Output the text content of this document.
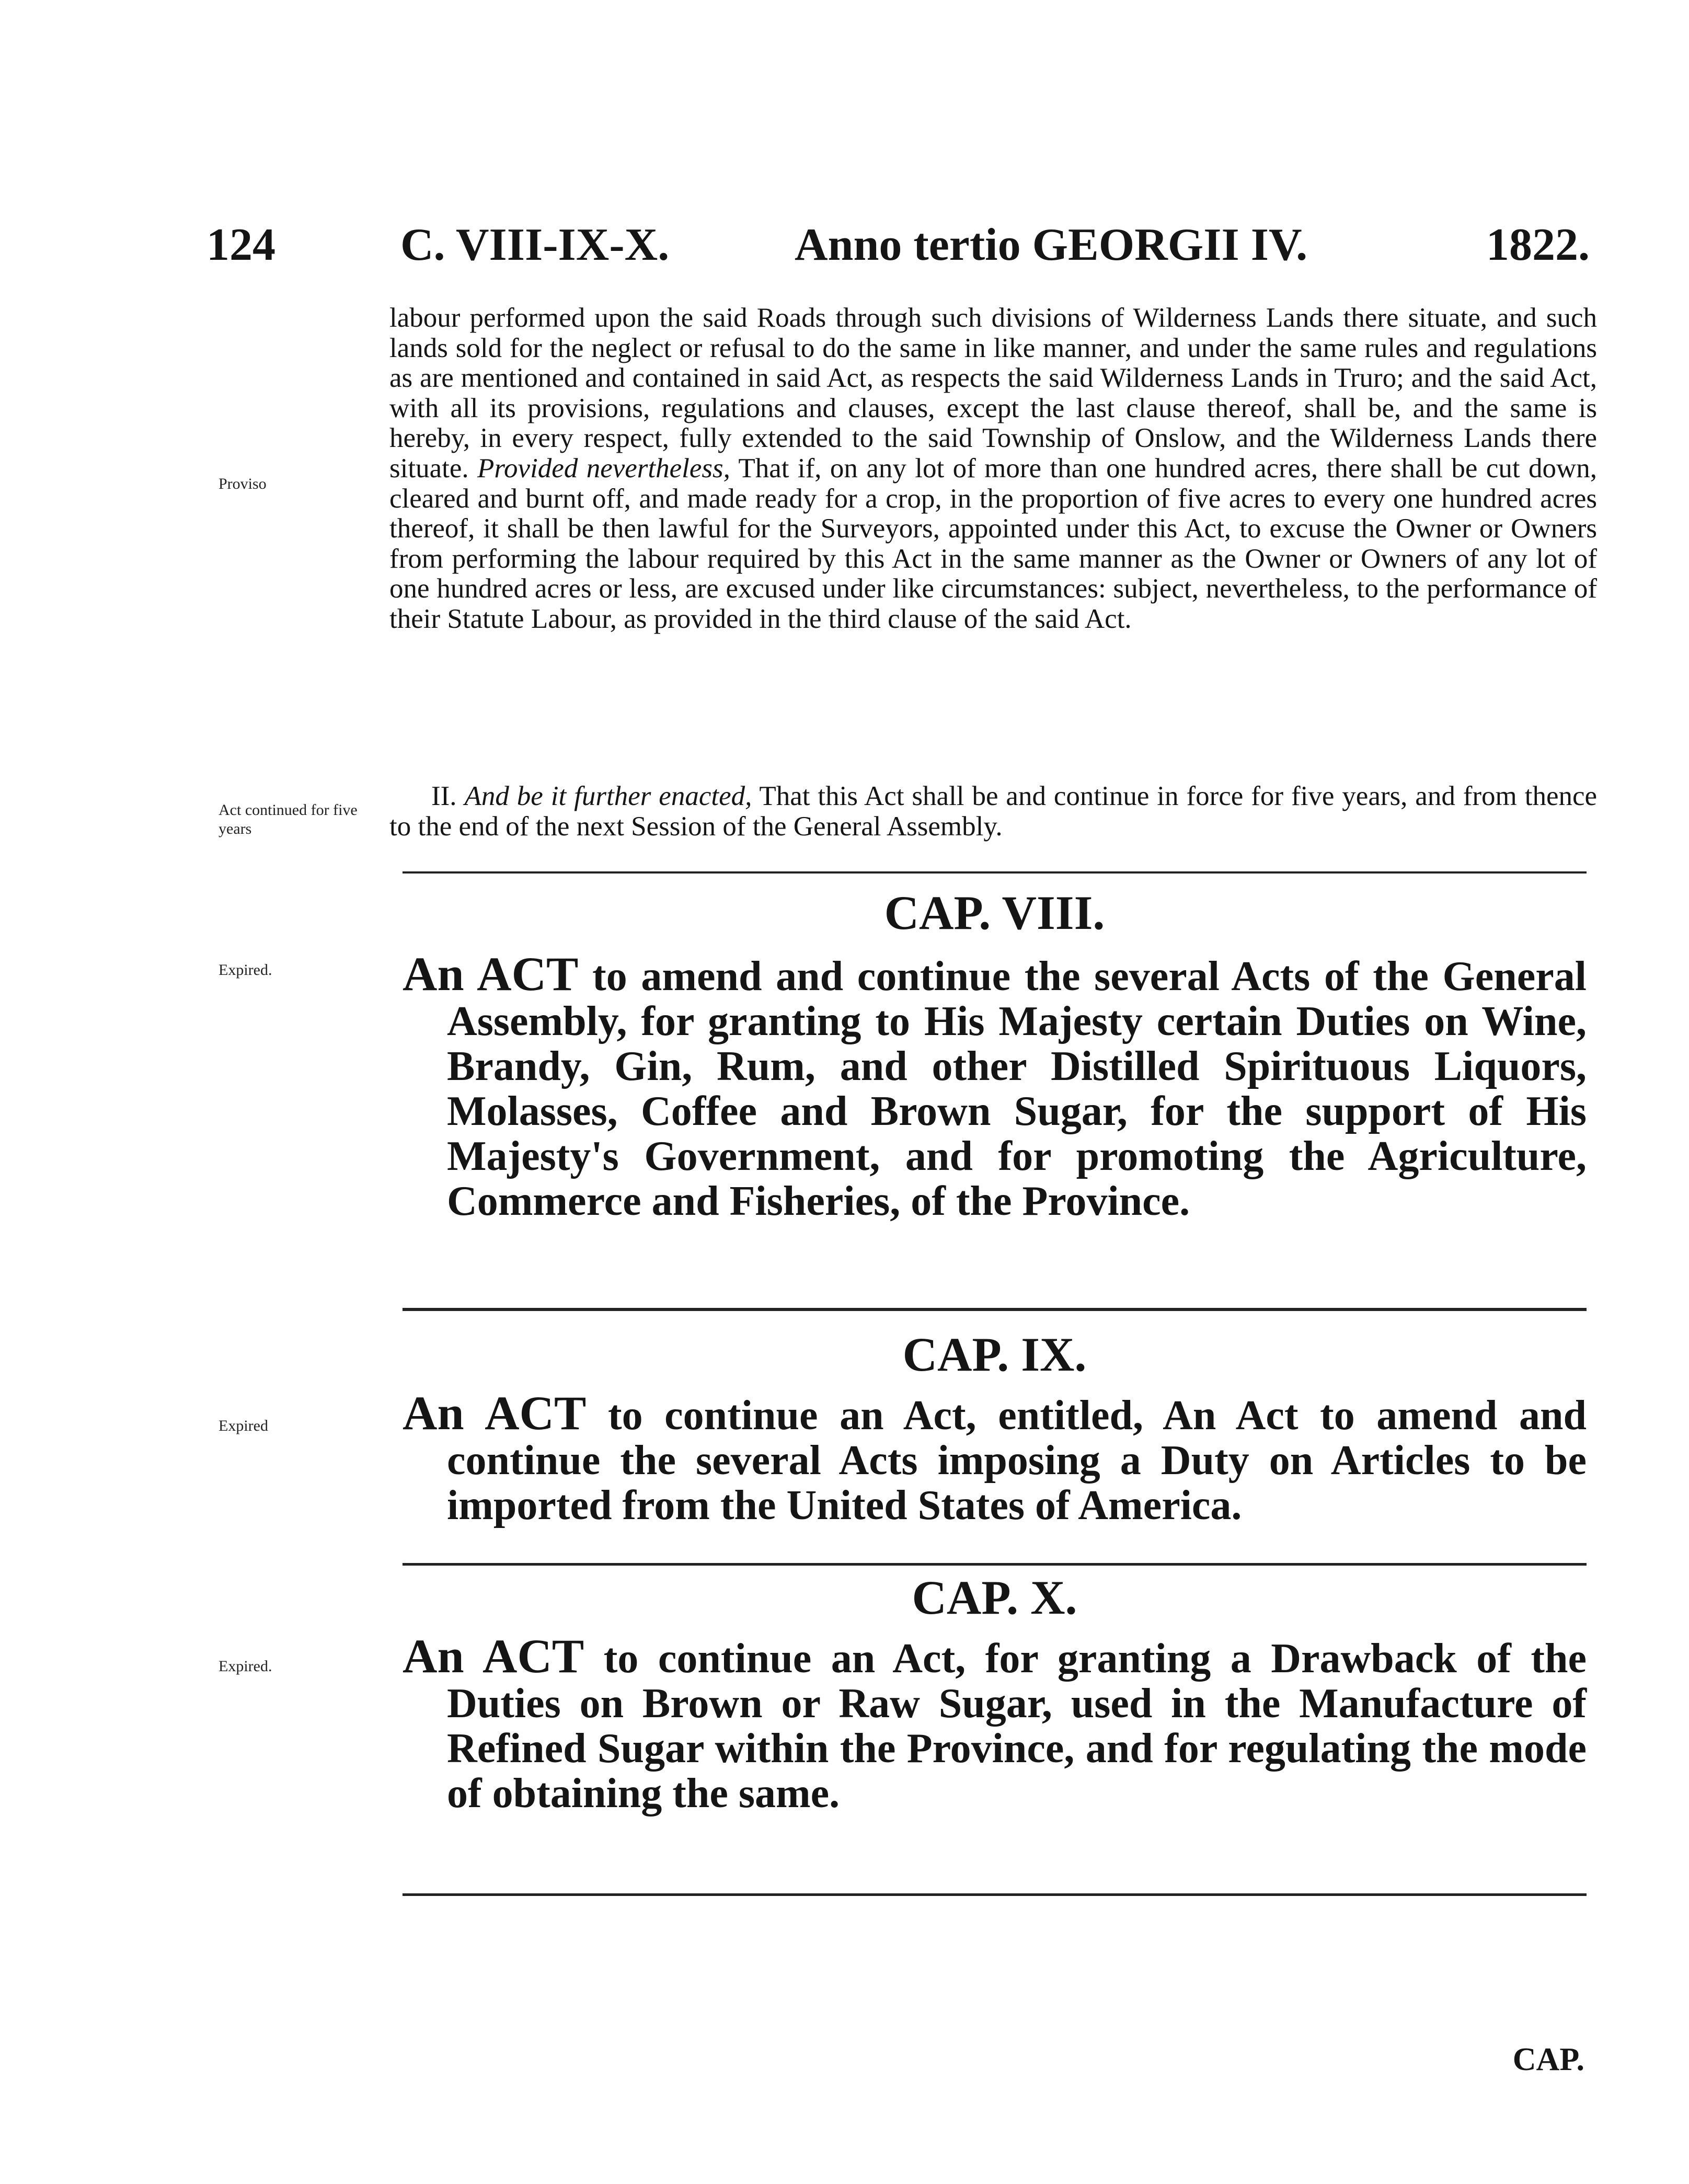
124	C. VIII-IX-X.	Anno tertio GEORGII IV.	1822.
Proviso
Act continued for five years
Expired.
Expired
Expired.

labour performed upon the said Roads through such divisions of Wilderness Lands there situate, and such lands sold for the neglect or refusal to do the same in like manner, and under the same rules and regulations as are mentioned and contained in said Act, as respects the said Wilderness Lands in Truro; and the said Act, with all its provisions, regulations and clauses, except the last clause thereof, shall be, and the same is hereby, in every respect, fully extended to the said Township of Onslow, and the Wilderness Lands there situate. Provided nevertheless, That if, on any lot of more than one hundred acres, there shall be cut down, cleared and burnt off, and made ready for a crop, in the proportion of five acres to every one hundred acres thereof, it shall be then lawful for the Surveyors, appointed under this Act, to excuse the Owner or Owners from performing the labour required by this Act in the same manner as the Owner or Owners of any lot of one hundred acres or less, are excused under like circumstances: subject, nevertheless, to the performance of their Statute Labour, as provided in the third clause of the said Act.

II. And be it further enacted, That this Act shall be and continue in force for five years, and from thence to the end of the next Session of the General Assembly.

CAP. VIII.

An ACT to amend and continue the several Acts of the General Assembly, for granting to His Majesty certain Duties on Wine, Brandy, Gin, Rum, and other Distilled Spirituous Liquors, Molasses, Coffee and Brown Sugar, for the support of His Majesty's Government, and for promoting the Agriculture, Commerce and Fisheries, of the Province.

CAP. IX.

An ACT to continue an Act, entitled, An Act to amend and continue the several Acts imposing a Duty on Articles to be imported from the United States of America.

CAP. X.

An ACT to continue an Act, for granting a Drawback of the Duties on Brown or Raw Sugar, used in the Manufacture of Refined Sugar within the Province, and for regulating the mode of obtaining the same.

CAP.
